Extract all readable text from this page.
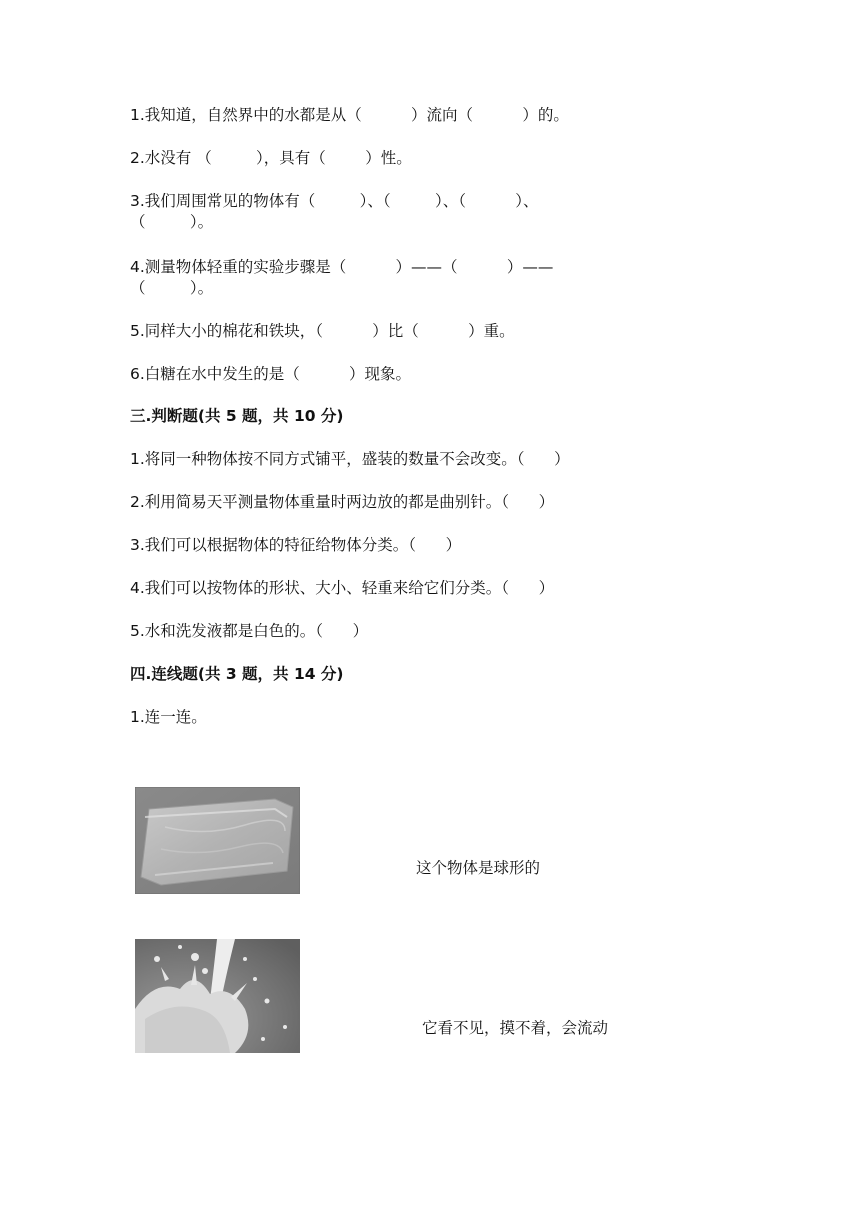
1.我知道，自然界中的水都是从（          ）流向（          ）的。
2.水没有 （         ），具有（        ）性。
3.我们周围常见的物体有（         ）、（         ）、（          ）、
（         ）。
4.测量物体轻重的实验步骤是（          ）——（          ）——
（         ）。
5.同样大小的棉花和铁块，（          ）比（          ）重。
6.白糖在水中发生的是（          ）现象。
三.判断题(共 5 题，共 10 分)
1.将同一种物体按不同方式铺平，盛装的数量不会改变。（      ）
2.利用简易天平测量物体重量时两边放的都是曲别针。（      ）
3.我们可以根据物体的特征给物体分类。（      ）
4.我们可以按物体的形状、大小、轻重来给它们分类。（      ）
5.水和洗发液都是白色的。（      ）
四.连线题(共 3 题，共 14 分)
1.连一连。
这个物体是球形的
它看不见，摸不着，会流动
